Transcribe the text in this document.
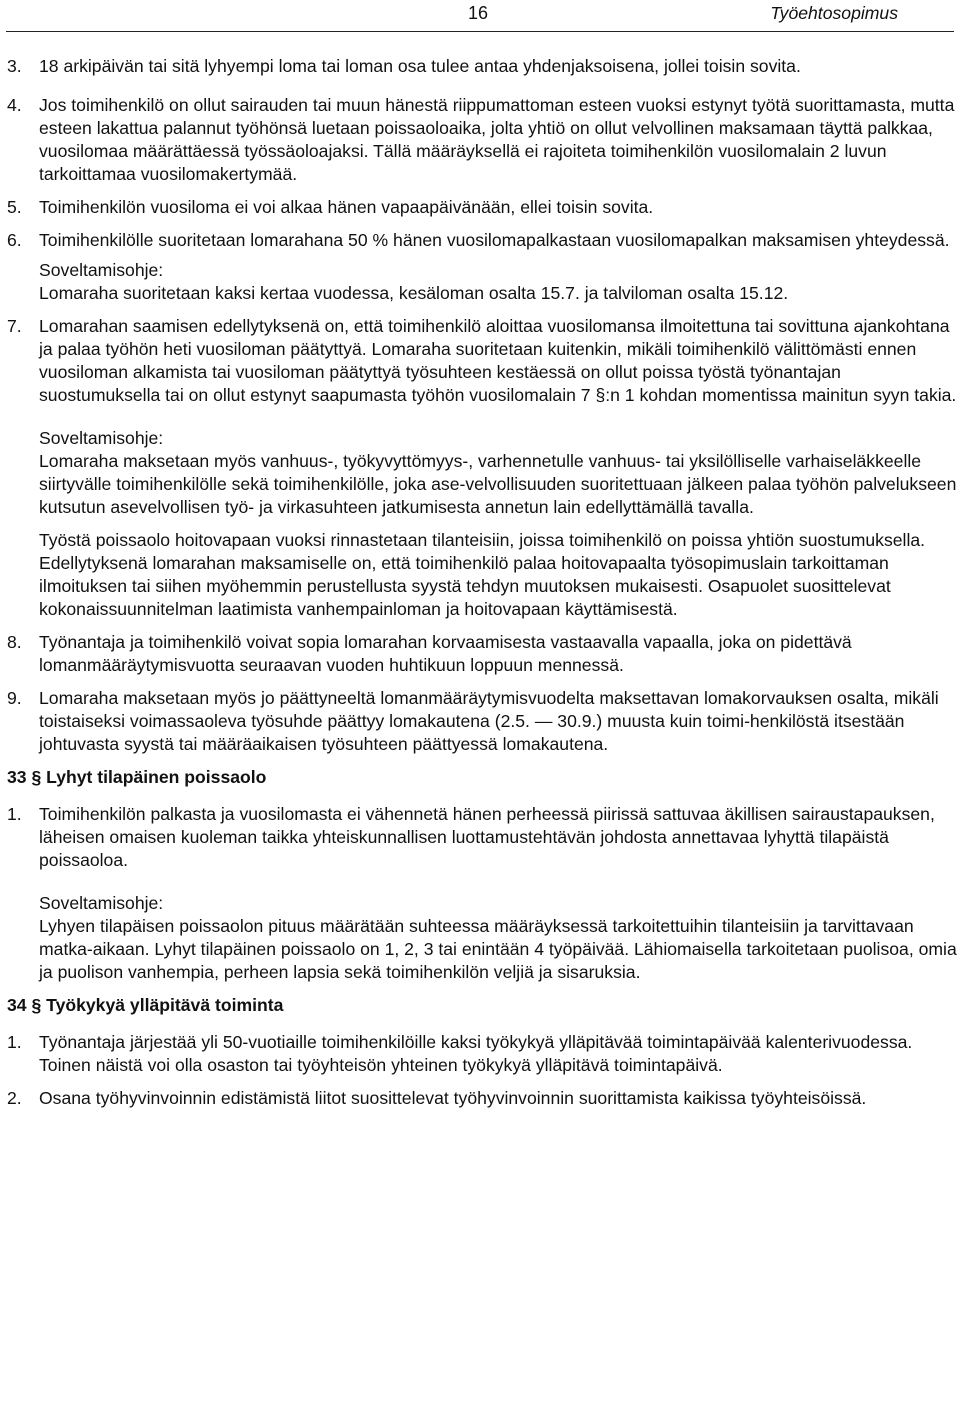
16	Työehtosopimus
3. 18 arkipäivän tai sitä lyhyempi loma tai loman osa tulee antaa yhdenjaksoisena, jollei toisin sovita.

4. Jos toimihenkilö on ollut sairauden tai muun hänestä riippumattoman esteen vuoksi estynyt työtä suorittamasta, mutta esteen lakattua palannut työhönsä luetaan poissaoloaika, jolta yhtiö on ollut velvollinen maksamaan täyttä palkkaa, vuosilomaa määrättäessä työssäoloajaksi. Tällä määräyksellä ei rajoiteta toimihenkilön vuosilomalain 2 luvun tarkoittamaa vuosilomakertymää.

5. Toimihenkilön vuosiloma ei voi alkaa hänen vapaapäivänään, ellei toisin sovita.

6. Toimihenkilölle suoritetaan lomarahana 50 % hänen vuosilomapalkastaan vuosilomapalkan maksamisen yhteydessä.

Soveltamisohje:

Lomaraha suoritetaan kaksi kertaa vuodessa, kesäloman osalta 15.7. ja talviloman osalta 15.12.

7. Lomarahan saamisen edellytyksenä on, että toimihenkilö aloittaa vuosilomansa ilmoitettuna tai sovittuna ajankohtana ja palaa työhön heti vuosiloman päätyttyä. Lomaraha suoritetaan kuitenkin, mikäli toimihenkilö välittömästi ennen vuosiloman alkamista tai vuosiloman päätyttyä työsuhteen kestäessä on ollut poissa työstä työnantajan suostumuksella tai on ollut estynyt saapumasta työhön vuosilomalain 7 §:n 1 kohdan momentissa mainitun syyn takia.

Soveltamisohje:

Lomaraha maksetaan myös vanhuus-, työkyvyttömyys-, varhennetulle vanhuus- tai yksilölliselle varhaiseläkkeelle siirtyvälle toimihenkilölle sekä toimihenkilölle, joka ase-velvollisuuden suoritettuaan jälkeen palaa työhön palvelukseen kutsutun asevelvollisen työ- ja virkasuhteen jatkumisesta annetun lain edellyttämällä tavalla.

Työstä poissaolo hoitovapaan vuoksi rinnastetaan tilanteisiin, joissa toimihenkilö on poissa yhtiön suostumuksella. Edellytyksenä lomarahan maksamiselle on, että toimihenkilö palaa hoitovapaalta työsopimuslain tarkoittaman ilmoituksen tai siihen myöhemmin perustellusta syystä tehdyn muutoksen mukaisesti. Osapuolet suosittelevat kokonaissuunnitelman laatimista vanhempainloman ja hoitovapaan käyttämisestä.

8. Työnantaja ja toimihenkilö voivat sopia lomarahan korvaamisesta vastaavalla vapaalla, joka on pidettävä lomanmääräytymisvuotta seuraavan vuoden huhtikuun loppuun mennessä.

9. Lomaraha maksetaan myös jo päättyneeltä lomanmääräytymisvuodelta maksettavan lomakorvauksen osalta, mikäli toistaiseksi voimassaoleva työsuhde päättyy lomakautena (2.5. — 30.9.) muusta kuin toimi-henkilöstä itsestään johtuvasta syystä tai määräaikaisen työsuhteen päättyessä lomakautena.

33 § Lyhyt tilapäinen poissaolo
1. Toimihenkilön palkasta ja vuosilomasta ei vähennetä hänen perheessä piirissä sattuvaa äkillisen sairaustapauksen, läheisen omaisen kuoleman taikka yhteiskunnallisen luottamustehtävän johdosta annettavaa lyhyttä tilapäistä poissaoloa.

Soveltamisohje:

Lyhyen tilapäisen poissaolon pituus määrätään suhteessa määräyksessä tarkoitettuihin tilanteisiin ja tarvittavaan matka-aikaan. Lyhyt tilapäinen poissaolo on 1, 2, 3 tai enintään 4 työpäivää. Lähiomaisella tarkoitetaan puolisoa, omia ja puolison vanhempia, perheen lapsia sekä toimihenkilön veljiä ja sisaruksia.

34 § Työkykyä ylläpitävä toiminta
1. Työnantaja järjestää yli 50-vuotiaille toimihenkilöille kaksi työkykyä ylläpitävää toimintapäivää kalenterivuodessa. Toinen näistä voi olla osaston tai työyhteisön yhteinen työkykyä ylläpitävä toimintapäivä.

2. Osana työhyvinvoinnin edistämistä liitot suosittelevat työhyvinvoinnin suorittamista kaikissa työyhteisöissä.
